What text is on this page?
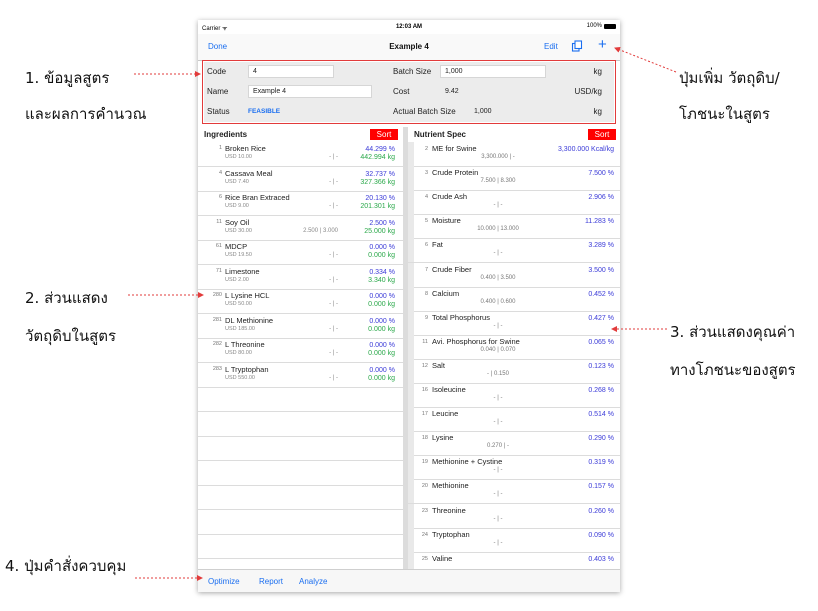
Carrier ᯤ	12:03 AM	100%
Done	Example 4	Edit	+
Code	4
Name	Example 4
Status	FEASIBLE
Batch Size	1,000	kg
Cost	9.42	USD/kg
Actual Batch Size	1,000	kg
Ingredients	Sort
1 Broken Rice
USD 10.00	- | -
44.299 %
442.994 kg
4 Cassava Meal
USD 7.40	- | -
32.737 %
327.366 kg
6 Rice Bran Extraced
USD 9.00	- | -
20.130 %
201.301 kg
11 Soy Oil
USD 30.00	2.500 | 3.000
2.500 %
25.000 kg
61 MDCP
USD 19.50	- | -
0.000 %
0.000 kg
71 Limestone
USD 2.00	- | -
0.334 %
3.340 kg
280 L Lysine HCL
USD 50.00	- | -
0.000 %
0.000 kg
281 DL Methionine
USD 185.00	- | -
0.000 %
0.000 kg
282 L Threonine
USD 80.00	- | -
0.000 %
0.000 kg
283 L Tryptophan
USD 550.00	- | -
0.000 %
0.000 kg
Nutrient Spec	Sort
2 ME for Swine
3,300.000 | -
3,300.000 Kcal/kg
3 Crude Protein
7.500 | 8.300
7.500 %
4 Crude Ash
- | -
2.906 %
5 Moisture
10.000 | 13.000
11.283 %
6 Fat
- | -
3.289 %
7 Crude Fiber
0.400 | 3.500
3.500 %
8 Calcium
0.400 | 0.600
0.452 %
9 Total Phosphorus
- | -
0.427 %
11 Avi. Phosphorus for Swine
0.040 | 0.070
0.065 %
12 Salt
- | 0.150
0.123 %
16 Isoleucine
- | -
0.268 %
17 Leucine
- | -
0.514 %
18 Lysine
0.270 | -
0.290 %
19 Methionine + Cystine
- | -
0.319 %
20 Methionine
- | -
0.157 %
23 Threonine
- | -
0.260 %
24 Tryptophan
- | -
0.090 %
25 Valine	0.403 %
Optimize Report Analyze
1. ข้อมูลสูตร
และผลการคำนวณ
2. ส่วนแสดง
วัตถุดิบในสูตร	3. ส่วนแสดงคุณค่า
ทางโภชนะของสูตร
4. ปุ่มคำสั่งควบคุม
ปุ่มเพิ่ม วัตถุดิบ/
โภชนะในสูตร
